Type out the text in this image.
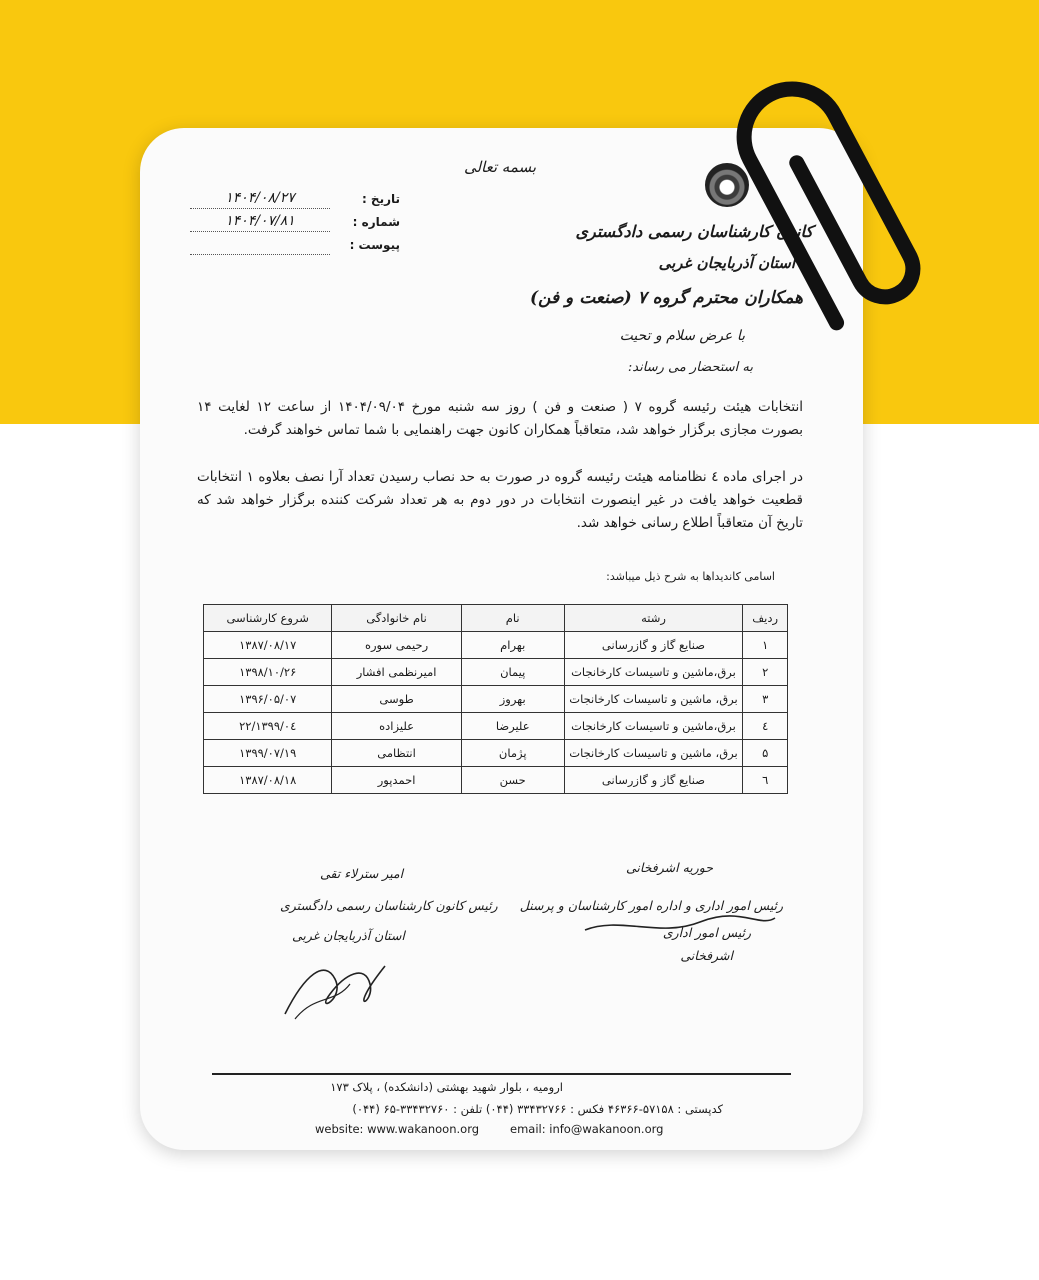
بسمه تعالی
تاریخ :
۱۴۰۴/۰۸/۲۷
شماره :
۱۴۰۴/۰۷/۸۱
پیوست :
کانون کارشناسان رسمی دادگستری
استان آذربایجان غربی
همکاران محترم گروه ۷ (صنعت و فن)
با عرض سلام و تحیت
به استحضار می رساند:
انتخابات هیئت رئیسه گروه ۷ ( صنعت و فن ) روز سه شنبه مورخ ۱۴۰۴/۰۹/۰۴ از ساعت ۱۲ لغایت ۱۴ بصورت مجازی برگزار خواهد شد، متعاقباً همکاران کانون جهت راهنمایی با شما تماس خواهند گرفت.
در اجرای ماده ٤ نظامنامه هیئت رئیسه گروه در صورت به حد نصاب رسیدن تعداد آرا نصف بعلاوه ۱ انتخابات قطعیت خواهد یافت در غیر اینصورت انتخابات در دور دوم به هر تعداد شرکت کننده برگزار خواهد شد که تاریخ آن متعاقباً اطلاع رسانی خواهد شد.
اسامی کاندیداها به شرح ذیل میباشد:
ردیف	رشته	نام	نام خانوادگی	شروع کارشناسی
۱	صنایع گاز و گازرسانی	بهرام	رحیمی سوره	۱۳۸۷/۰۸/۱۷
۲	برق،ماشین و تاسیسات کارخانجات	پیمان	امیرنظمی افشار	۱۳۹۸/۱۰/۲۶
۳	برق، ماشین و تاسیسات کارخانجات	بهروز	طوسی	۱۳۹۶/۰۵/۰۷
٤	برق،ماشین و تاسیسات کارخانجات	علیرضا	علیزاده	۱۳۹۹/۰٤/۲۲
۵	برق، ماشین و تاسیسات کارخانجات	پژمان	انتظامی	۱۳۹۹/۰۷/۱۹
٦	صنایع گاز و گازرسانی	حسن	احمدپور	۱۳۸۷/۰۸/۱۸
حوریه اشرفخانی
رئیس امور اداری و اداره امور کارشناسان و پرسنل
رئیس امور اداری
اشرفخانی
امیر سترلاء تقی
رئیس کانون کارشناسان رسمی دادگستری
استان آذربایجان غربی
ارومیه ، بلوار شهید بهشتی (دانشکده) ، پلاک ۱۷۳
کدپستی : ۵۷۱۵۸-۴۶۳۶۶ فکس : ۳۳۴۳۲۷۶۶ (۰۴۴) تلفن : ۳۳۴۳۲۷۶۰-۶۵ (۰۴۴)
website: www.wakanoon.org	email: info@wakanoon.org
